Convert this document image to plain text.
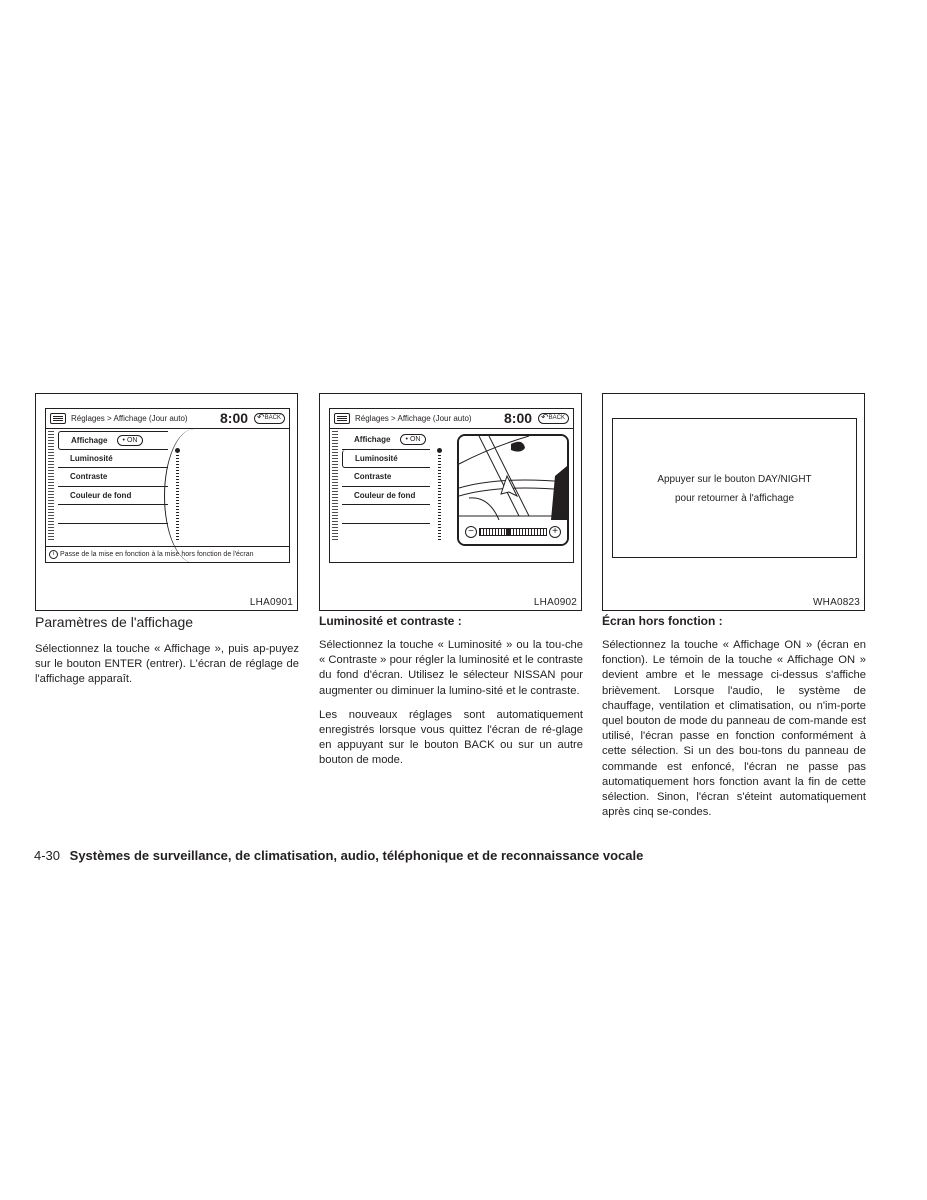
Réglages > Affichage (Jour auto) 8:00	↶ BACK
Affichage	• ON
Luminosité
Contraste
Couleur de fond
i Passe de la mise en fonction à la mise hors fonction de l'écran
LHA0901
Réglages > Affichage (Jour auto) 8:00	↶ BACK
Affichage	• ON
Luminosité
Contraste
Couleur de fond
−	+
LHA0902
Appuyer sur le bouton DAY/NIGHT
pour retourner à l'affichage
WHA0823
Paramètres de l'affichage

Sélectionnez la touche « Affichage », puis ap-puyez sur le bouton ENTER (entrer). L'écran de réglage de l'affichage apparaît.

Luminosité et contraste :

Sélectionnez la touche « Luminosité » ou la tou-che « Contraste » pour régler la luminosité et le contraste du fond d'écran. Utilisez le sélecteur NISSAN pour augmenter ou diminuer la lumino-sité et le contraste.

Les nouveaux réglages sont automatiquement enregistrés lorsque vous quittez l'écran de ré-glage en appuyant sur le bouton BACK ou sur un autre bouton de mode.

Écran hors fonction :

Sélectionnez la touche « Affichage ON » (écran en fonction). Le témoin de la touche « Affichage ON » devient ambre et le message ci-dessus s'affiche brièvement. Lorsque l'audio, le système de chauffage, ventilation et climatisation, ou n'im-porte quel bouton de mode du panneau de com-mande est utilisé, l'écran passe en fonction conformément à cette sélection. Si un des bou-tons du panneau de commande est enfoncé, l'écran ne passe pas automatiquement hors fonction avant la fin de cette sélection. Sinon, l'écran s'éteint automatiquement après cinq se-condes.

4-30 Systèmes de surveillance, de climatisation, audio, téléphonique et de reconnaissance vocale
